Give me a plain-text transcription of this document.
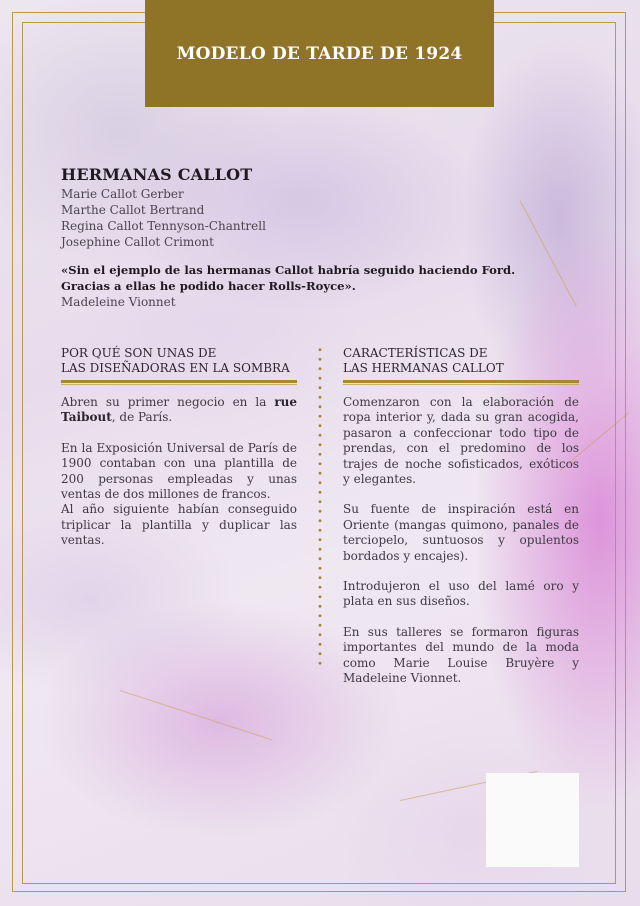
MODELO DE TARDE DE 1924
HERMANAS CALLOT
Marie Callot Gerber
Marthe Callot Bertrand
Regina Callot Tennyson-Chantrell
Josephine Callot Crimont
«Sin el ejemplo de las hermanas Callot habría seguido haciendo Ford.
Gracias a ellas he podido hacer Rolls-Royce».
Madeleine Vionnet
POR QUÉ SON UNAS DE
LAS DISEÑADORAS EN LA SOMBRA

Abren su primer negocio en la rue Taibout, de París.

En la Exposición Universal de París de 1900 contaban con una plantilla de 200 personas empleadas y unas ventas de dos millones de francos.

Al año siguiente habían conseguido triplicar la plantilla y duplicar las ventas.

CARACTERÍSTICAS DE
LAS HERMANAS CALLOT

Comenzaron con la elaboración de ropa interior y, dada su gran acogida, pasaron a confeccionar todo tipo de prendas, con el predomino de los trajes de noche sofisticados, exóticos y elegantes.

Su fuente de inspiración está en Oriente (mangas quimono, panales de terciopelo, suntuosos y opulentos bordados y encajes).

Introdujeron el uso del lamé oro y plata en sus diseños.

En sus talleres se formaron figuras importantes del mundo de la moda como Marie Louise Bruyère y Madeleine Vionnet.
